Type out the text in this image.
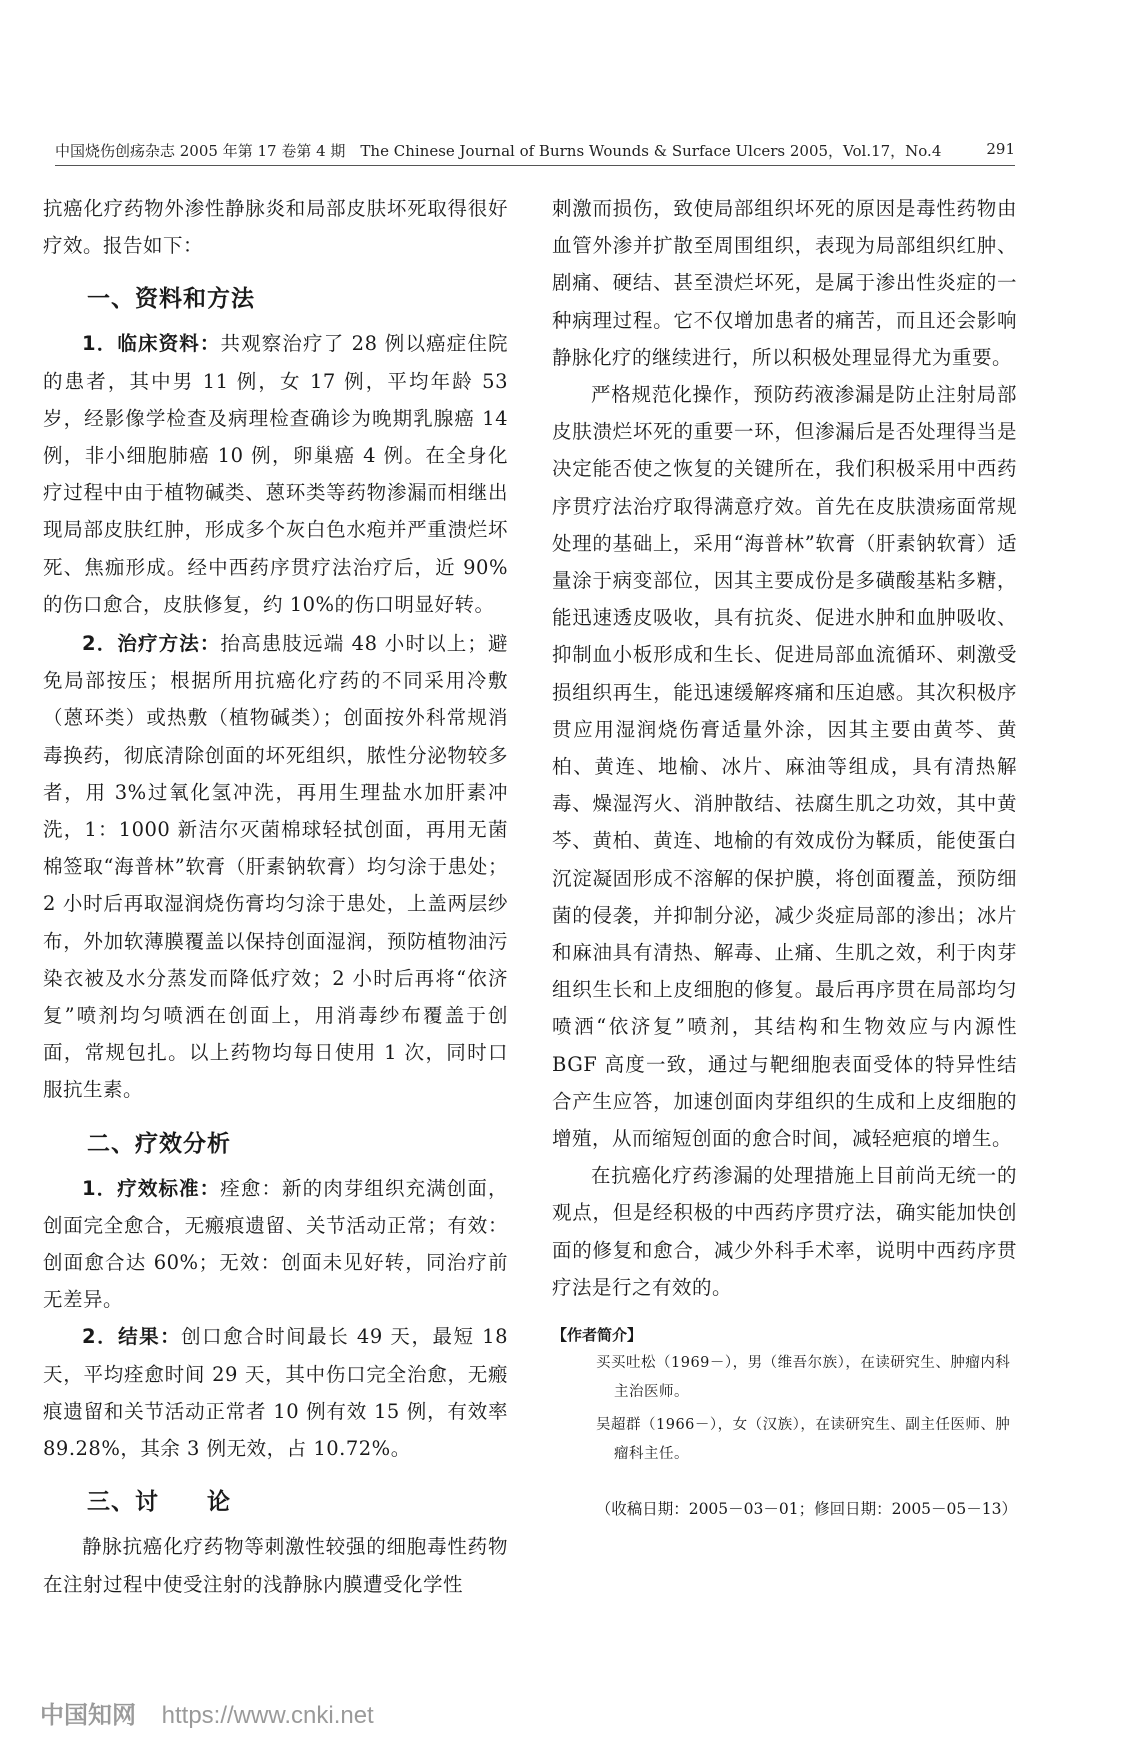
中国烧伤创疡杂志 2005 年第 17 卷第 4 期　The Chinese Journal of Burns Wounds & Surface Ulcers 2005，Vol.17，No.4	291

抗癌化疗药物外渗性静脉炎和局部皮肤坏死取得很好疗效。报告如下：

一、资料和方法

1．临床资料：共观察治疗了 28 例以癌症住院的患者，其中男 11 例，女 17 例，平均年龄 53 岁，经影像学检查及病理检查确诊为晚期乳腺癌 14 例，非小细胞肺癌 10 例，卵巢癌 4 例。在全身化疗过程中由于植物碱类、蒽环类等药物渗漏而相继出现局部皮肤红肿，形成多个灰白色水疱并严重溃烂坏死、焦痂形成。经中西药序贯疗法治疗后，近 90%的伤口愈合，皮肤修复，约 10%的伤口明显好转。

2．治疗方法：抬高患肢远端 48 小时以上；避免局部按压；根据所用抗癌化疗药的不同采用冷敷（蒽环类）或热敷（植物碱类）；创面按外科常规消毒换药，彻底清除创面的坏死组织，脓性分泌物较多者，用 3%过氧化氢冲洗，再用生理盐水加肝素冲洗，1：1000 新洁尔灭菌棉球轻拭创面，再用无菌棉签取“海普林”软膏（肝素钠软膏）均匀涂于患处；2 小时后再取湿润烧伤膏均匀涂于患处，上盖两层纱布，外加软薄膜覆盖以保持创面湿润，预防植物油污染衣被及水分蒸发而降低疗效；2 小时后再将“依济复”喷剂均匀喷洒在创面上，用消毒纱布覆盖于创面，常规包扎。以上药物均每日使用 1 次，同时口服抗生素。

二、疗效分析

1．疗效标准：痊愈：新的肉芽组织充满创面，创面完全愈合，无瘢痕遗留、关节活动正常；有效：创面愈合达 60%；无效：创面未见好转，同治疗前无差异。

2．结果：创口愈合时间最长 49 天，最短 18 天，平均痊愈时间 29 天，其中伤口完全治愈，无瘢痕遗留和关节活动正常者 10 例有效 15 例，有效率 89.28%，其余 3 例无效，占 10.72%。

三、讨　　论

静脉抗癌化疗药物等刺激性较强的细胞毒性药物在注射过程中使受注射的浅静脉内膜遭受化学性

刺激而损伤，致使局部组织坏死的原因是毒性药物由血管外渗并扩散至周围组织，表现为局部组织红肿、剧痛、硬结、甚至溃烂坏死，是属于渗出性炎症的一种病理过程。它不仅增加患者的痛苦，而且还会影响静脉化疗的继续进行，所以积极处理显得尤为重要。

严格规范化操作，预防药液渗漏是防止注射局部皮肤溃烂坏死的重要一环，但渗漏后是否处理得当是决定能否使之恢复的关键所在，我们积极采用中西药序贯疗法治疗取得满意疗效。首先在皮肤溃疡面常规处理的基础上，采用“海普林”软膏（肝素钠软膏）适量涂于病变部位，因其主要成份是多磺酸基粘多糖，能迅速透皮吸收，具有抗炎、促进水肿和血肿吸收、抑制血小板形成和生长、促进局部血流循环、刺激受损组织再生，能迅速缓解疼痛和压迫感。其次积极序贯应用湿润烧伤膏适量外涂，因其主要由黄芩、黄柏、黄连、地榆、冰片、麻油等组成，具有清热解毒、燥湿泻火、消肿散结、祛腐生肌之功效，其中黄芩、黄柏、黄连、地榆的有效成份为鞣质，能使蛋白沉淀凝固形成不溶解的保护膜，将创面覆盖，预防细菌的侵袭，并抑制分泌，减少炎症局部的渗出；冰片和麻油具有清热、解毒、止痛、生肌之效，利于肉芽组织生长和上皮细胞的修复。最后再序贯在局部均匀喷洒“依济复”喷剂，其结构和生物效应与内源性 BGF 高度一致，通过与靶细胞表面受体的特异性结合产生应答，加速创面肉芽组织的生成和上皮细胞的增殖，从而缩短创面的愈合时间，减轻疤痕的增生。

在抗癌化疗药渗漏的处理措施上目前尚无统一的观点，但是经积极的中西药序贯疗法，确实能加快创面的修复和愈合，减少外科手术率，说明中西药序贯疗法是行之有效的。

【作者简介】
买买吐松（1969－），男（维吾尔族），在读研究生、肿瘤内科主治医师。
吴超群（1966－），女（汉族），在读研究生、副主任医师、肿瘤科主任。
（收稿日期：2005－03－01；修回日期：2005－05－13）
中国知网 https://www.cnki.net
